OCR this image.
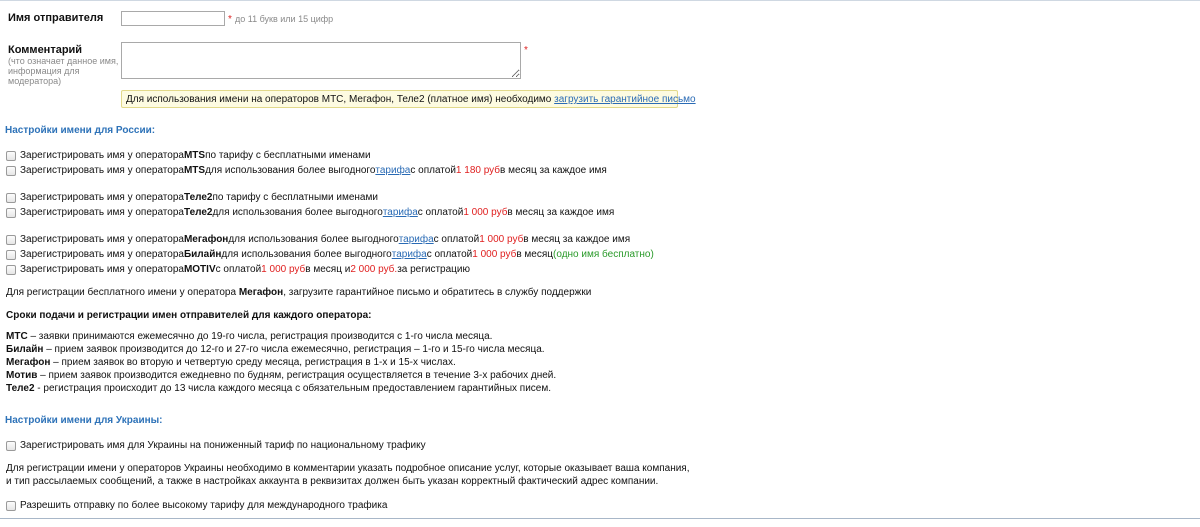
Имя отправителя	* до 11 букв или 15 цифр
Комментарий
(что означает данное имя,
информация для
модератора)
*
Для использования имени на операторов МТС, Мегафон, Теле2 (платное имя) необходимо загрузить гарантийное письмо
Настройки имени для России:
Зарегистрировать имя у оператора MTS по тарифу с бесплатными именами
Зарегистрировать имя у оператора MTS для использования более выгодного тарифа с оплатой 1 180 руб в месяц за каждое имя
Зарегистрировать имя у оператора Теле2 по тарифу с бесплатными именами
Зарегистрировать имя у оператора Теле2 для использования более выгодного тарифа с оплатой 1 000 руб в месяц за каждое имя
Зарегистрировать имя у оператора Мегафон для использования более выгодного тарифа с оплатой 1 000 руб в месяц за каждое имя
Зарегистрировать имя у оператора Билайн для использования более выгодного тарифа с оплатой 1 000 руб в месяц (одно имя бесплатно)
Зарегистрировать имя у оператора MOTIV с оплатой 1 000 руб в месяц и 2 000 руб. за регистрацию
Для регистрации бесплатного имени у оператора Мегафон, загрузите гарантийное письмо и обратитесь в службу поддержки
Сроки подачи и регистрации имен отправителей для каждого оператора:
МТС – заявки принимаются ежемесячно до 19-го числа, регистрация производится с 1-го числа месяца.
Билайн – прием заявок производится до 12-го и 27-го числа ежемесячно, регистрация – 1-го и 15-го числа месяца.
Мегафон – прием заявок во вторую и четвертую среду месяца, регистрация в 1-х и 15-х числах.
Мотив – прием заявок производится ежедневно по будням, регистрация осуществляется в течение 3-х рабочих дней.
Теле2 - регистрация происходит до 13 числа каждого месяца с обязательным предоставлением гарантийных писем.
Настройки имени для Украины:
Зарегистрировать имя для Украины на пониженный тариф по национальному трафику
Для регистрации имени у операторов Украины необходимо в комментарии указать подробное описание услуг, которые оказывает ваша компания,
и тип рассылаемых сообщений, а также в настройках аккаунта в реквизитах должен быть указан корректный фактический адрес компании.
Разрешить отправку по более высокому тарифу для международного трафика
